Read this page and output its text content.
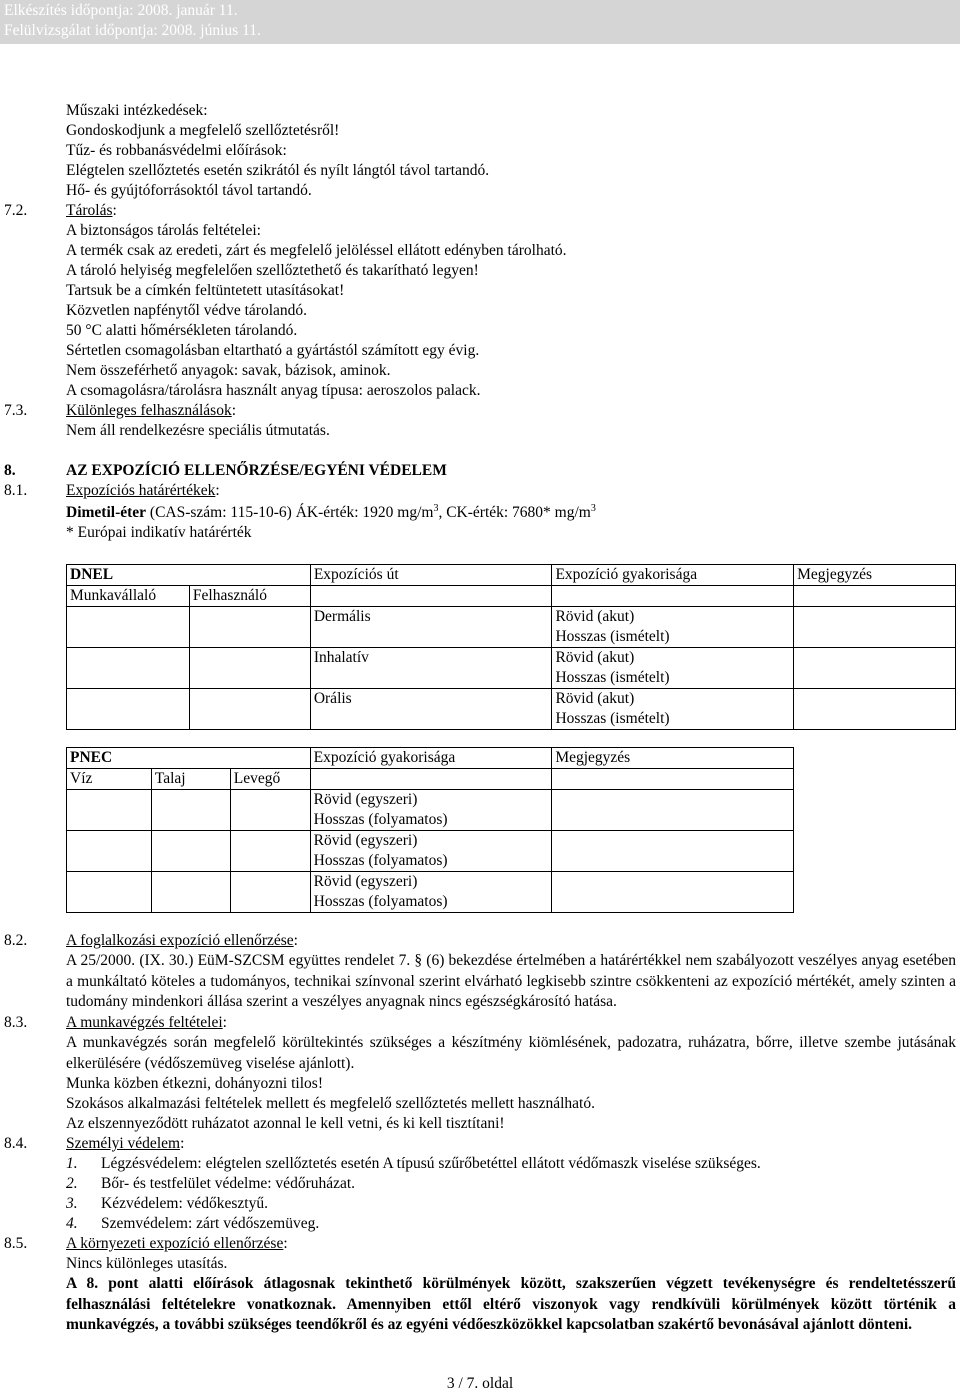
Elkészítés időpontja: 2008. január 11.
Felülvizsgálat időpontja: 2008. június 11.
Műszaki intézkedések:
Gondoskodjunk a megfelelő szellőztetésről!
Tűz- és robbanásvédelmi előírások:
Elégtelen szellőztetés esetén szikrától és nyílt lángtól távol tartandó.
Hő- és gyújtóforrásoktól távol tartandó.
7.2.	Tárolás:
A biztonságos tárolás feltételei:
A termék csak az eredeti, zárt és megfelelő jelöléssel ellátott edényben tárolható.
A tároló helyiség megfelelően szellőztethető és takarítható legyen!
Tartsuk be a címkén feltüntetett utasításokat!
Közvetlen napfénytől védve tárolandó.
50 °C alatti hőmérsékleten tárolandó.
Sértetlen csomagolásban eltartható a gyártástól számított egy évig.
Nem összeférhető anyagok: savak, bázisok, aminok.
A csomagolásra/tárolásra használt anyag típusa: aeroszolos palack.
7.3.	Különleges felhasználások:
Nem áll rendelkezésre speciális útmutatás.
8.	AZ EXPOZÍCIÓ ELLENŐRZÉSE/EGYÉNI VÉDELEM
8.1.	Expozíciós határértékek:
Dimetil-éter (CAS-szám: 115-10-6) ÁK-érték: 1920 $mg/m^3$, CK-érték: 7680* $mg/m^3$
* Európai indikatív határérték
DNEL		Expozíciós út	Expozíció gyakorisága	Megjegyzés
Munkavállaló	Felhasználó			
		Dermális	Rövid (akut)
Hosszas (ismételt)	

		Inhalatív	Rövid (akut)
Hosszas (ismételt)	

		Orális	Rövid (akut)
Hosszas (ismételt)	

PNEC			Expozíció gyakorisága	Megjegyzés
Víz	Talaj	Levegő		

			Rövid (egyszeri)
Hosszas (folyamatos)	

			Rövid (egyszeri)
Hosszas (folyamatos)	

			Rövid (egyszeri)
Hosszas (folyamatos)	

8.2.	A foglalkozási expozíció ellenőrzése:
A 25/2000. (IX. 30.) EüM-SZCSM együttes rendelet 7. § (6) bekezdése értelmében a határértékkel nem szabályozott veszélyes anyag esetében a munkáltató köteles a tudományos, technikai színvonal szerint elvárható legkisebb szintre csökkenteni az expozíció mértékét, amely szinten a tudomány mindenkori állása szerint a veszélyes anyagnak nincs egészségkárosító hatása.
8.3.	A munkavégzés feltételei:
A munkavégzés során megfelelő körültekintés szükséges a készítmény kiömlésének, padozatra, ruházatra, bőrre, illetve szembe jutásának elkerülésére (védőszemüveg viselése ajánlott).
Munka közben étkezni, dohányozni tilos!
Szokásos alkalmazási feltételek mellett és megfelelő szellőztetés mellett használható.
Az elszennyeződött ruházatot azonnal le kell vetni, és ki kell tisztítani!
8.4.	Személyi védelem:
1. Légzésvédelem: elégtelen szellőztetés esetén A típusú szűrőbetéttel ellátott védőmaszk viselése szükséges.
2. Bőr- és testfelület védelme: védőruházat.
3. Kézvédelem: védőkesztyű.
4. Szemvédelem: zárt védőszemüveg.
8.5.	A környezeti expozíció ellenőrzése:
Nincs különleges utasítás.
A 8. pont alatti előírások átlagosnak tekinthető körülmények között, szakszerűen végzett tevékenységre és rendeltetésszerű felhasználási feltételekre vonatkoznak. Amennyiben ettől eltérő viszonyok vagy rendkívüli körülmények között történik a munkavégzés, a további szükséges teendőkről és az egyéni védőeszközökkel kapcsolatban szakértő bevonásával ajánlott dönteni.
3 / 7. oldal
